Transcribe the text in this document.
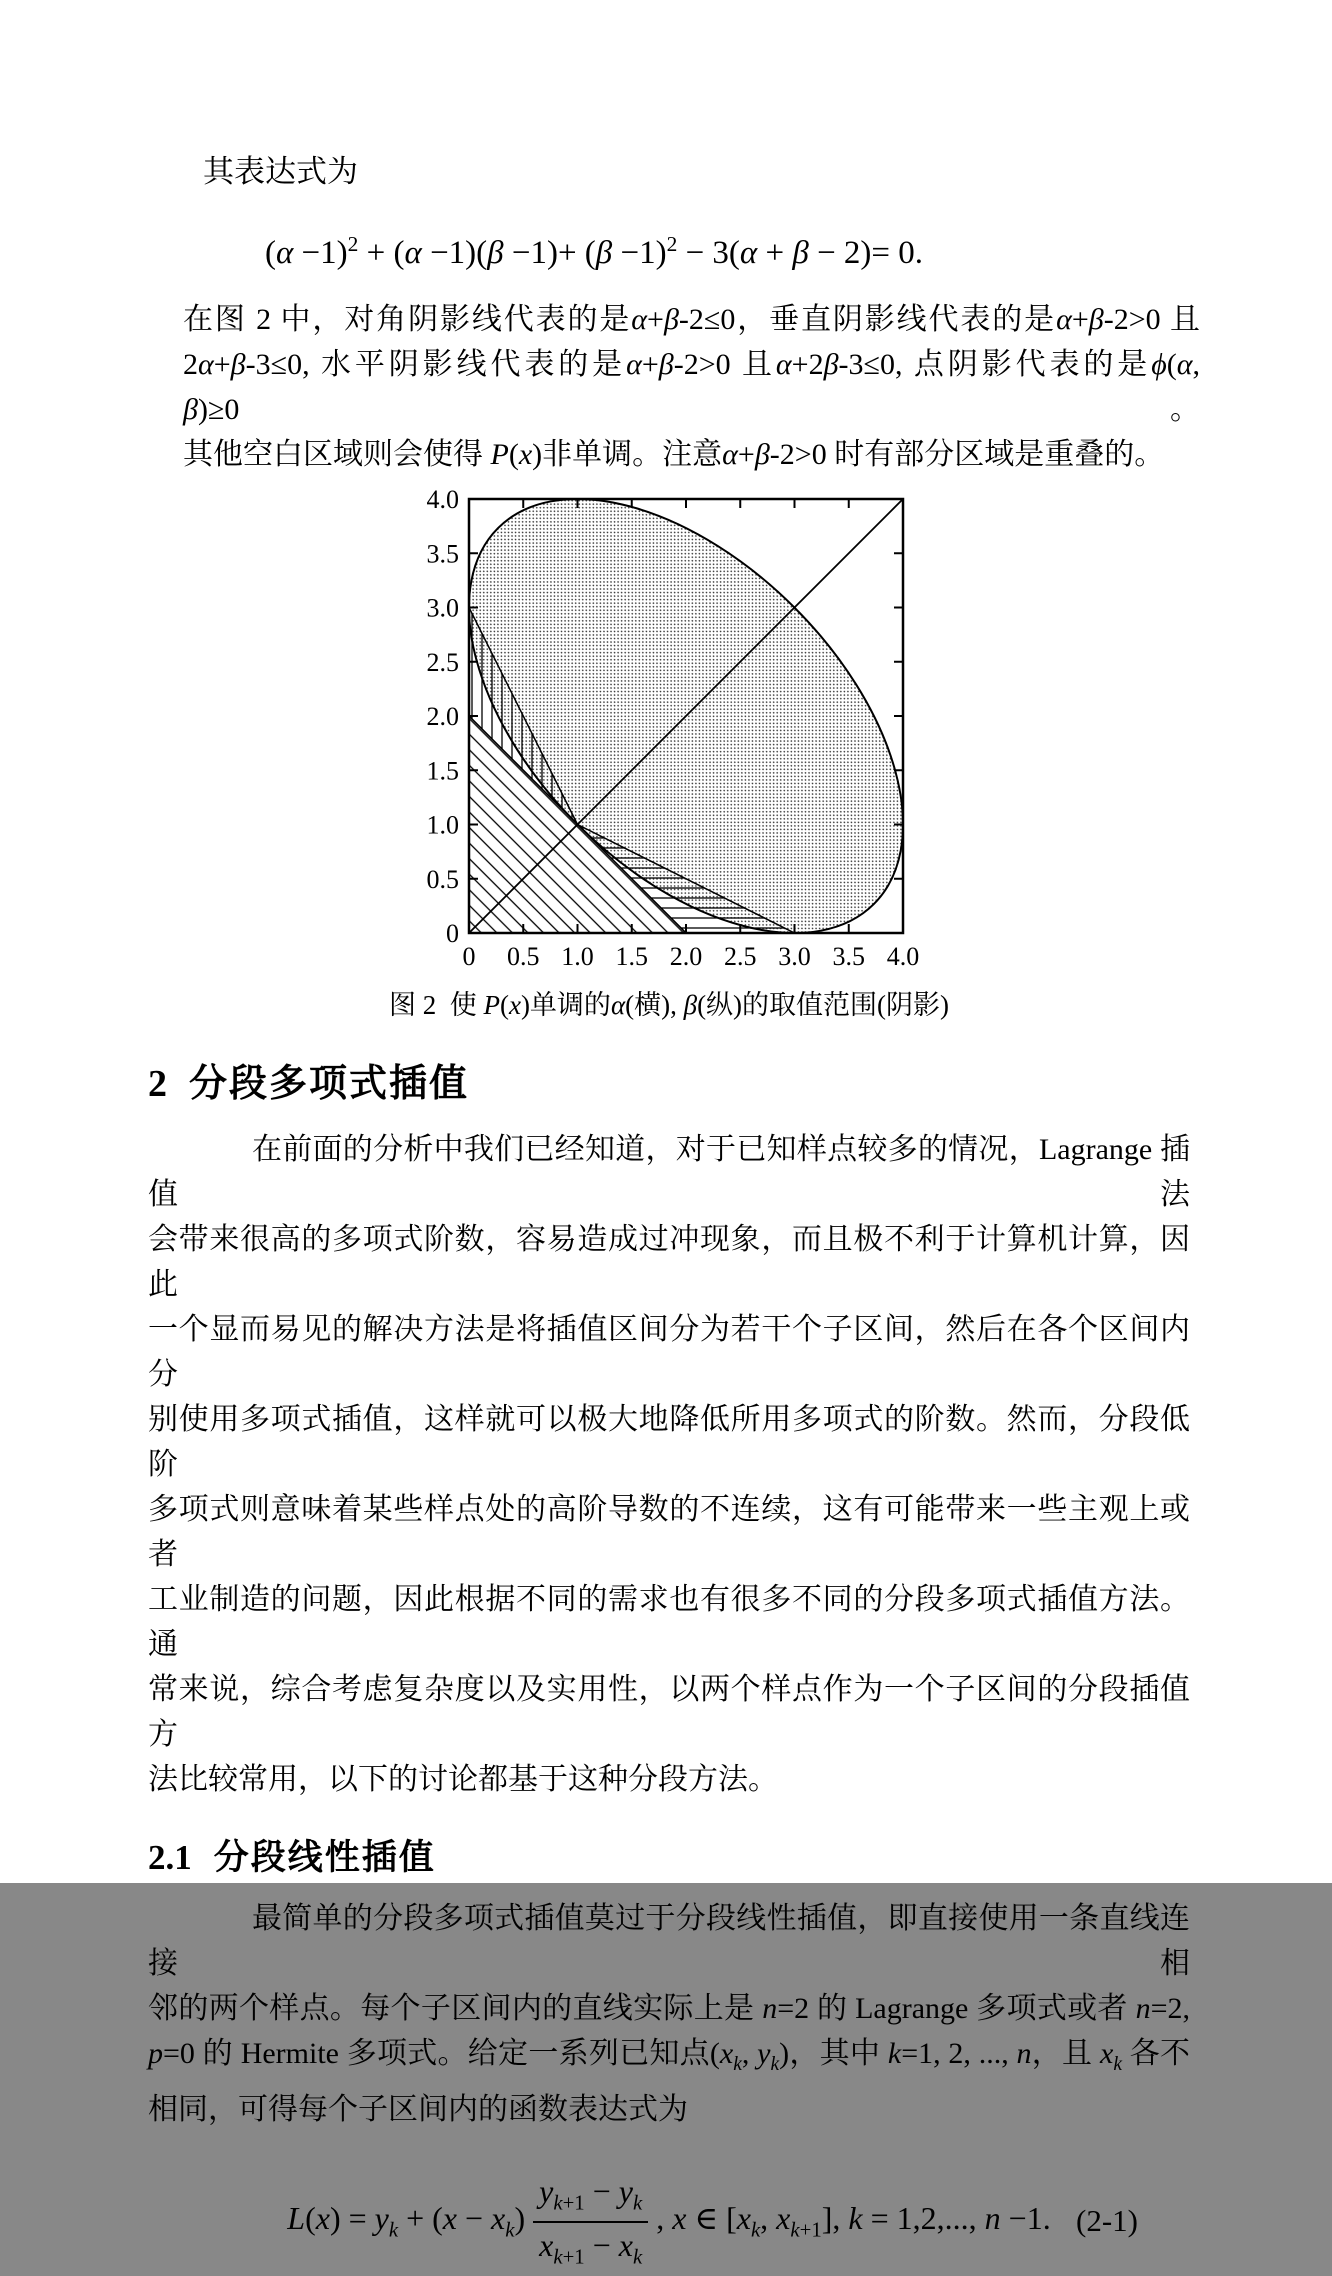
其表达式为

$(\alpha -1)^2 + (\alpha -1)(\beta -1)+ (\beta -1)^2 - 3(\alpha + \beta - 2)= 0$.
在图 2 中，对角阴影线代表的是α+β-2≤0，垂直阴影线代表的是α+β-2>0 且
2α+β-3≤0, 水平阴影线代表的是α+β-2>0 且α+2β-3≤0, 点阴影代表的是ϕ(α, β)≥0。
其他空白区域则会使得 P(x)非单调。注意α+β-2>0 时有部分区域是重叠的。
4.0
3.5
3.0
2.5
2.0
1.5
1.0
0.5
0
0 0.5 1.0 1.5 2.0 2.5 3.0 3.5 4.0
图 2  使 P(x)单调的α(横), β(纵)的取值范围(阴影)
2 分段多项式插值
在前面的分析中我们已经知道，对于已知样点较多的情况，Lagrange 插值法
会带来很高的多项式阶数，容易造成过冲现象，而且极不利于计算机计算，因此
一个显而易见的解决方法是将插值区间分为若干个子区间，然后在各个区间内分
别使用多项式插值，这样就可以极大地降低所用多项式的阶数。然而，分段低阶
多项式则意味着某些样点处的高阶导数的不连续，这有可能带来一些主观上或者
工业制造的问题，因此根据不同的需求也有很多不同的分段多项式插值方法。通
常来说，综合考虑复杂度以及实用性，以两个样点作为一个子区间的分段插值方
法比较常用，以下的讨论都基于这种分段方法。
2.1 分段线性插值
最简单的分段多项式插值莫过于分段线性插值，即直接使用一条直线连接相
邻的两个样点。每个子区间内的直线实际上是 n=2 的 Lagrange 多项式或者 n=2,
p=0 的 Hermite 多项式。给定一系列已知点($x_k$, $y_k$)，其中 k=1, 2, ..., n，且 $x_k$ 各不
相同，可得每个子区间内的函数表达式为
$L(x) = y_k + (x - x_k) \frac{y_{k+1} - y_k}{x_{k+1} - x_k}$ , x ∈ [$x_k$, $x_{k+1}$], k = 1,2,..., n −1. (2-1)
